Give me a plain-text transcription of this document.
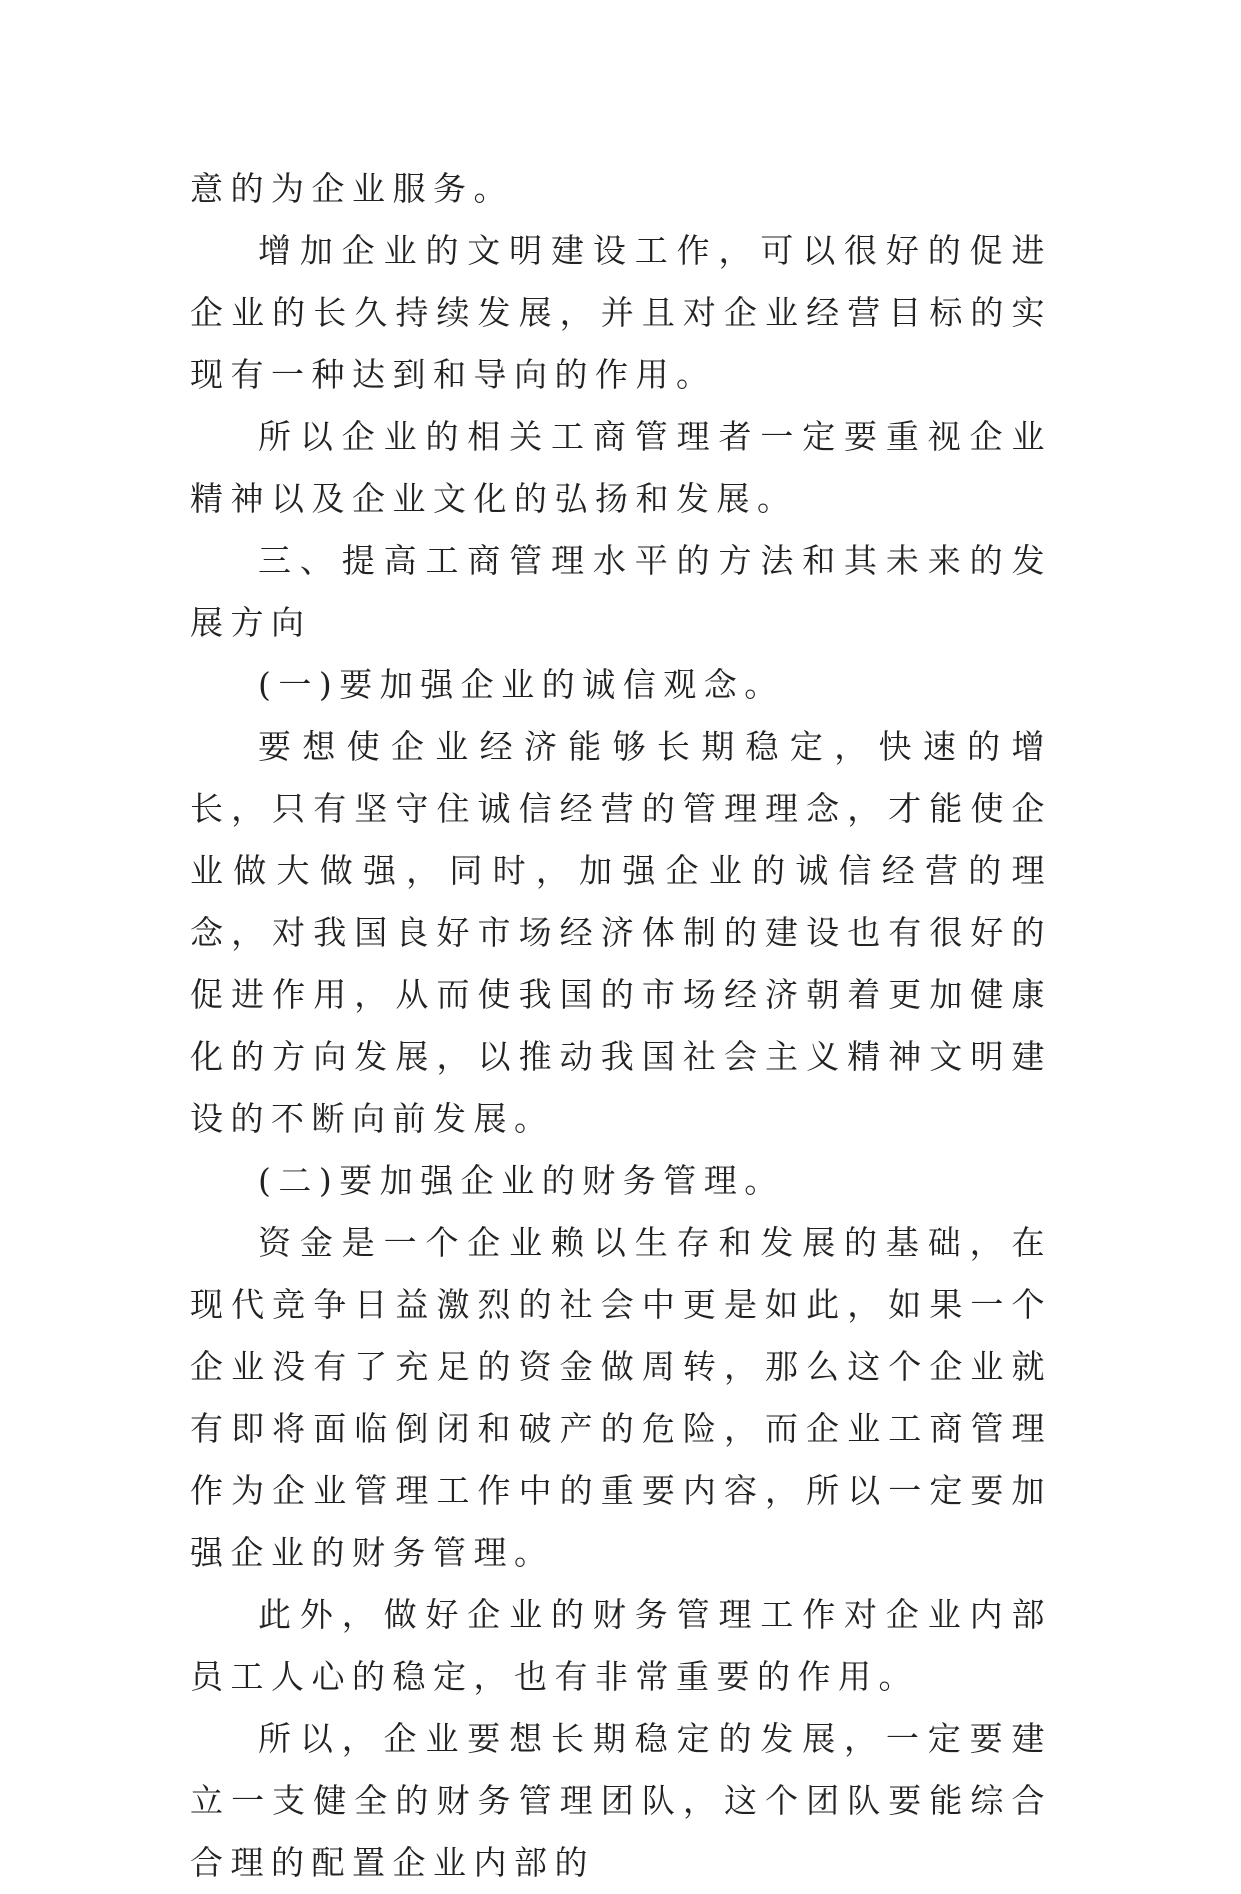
意的为企业服务。

增加企业的文明建设工作，可以很好的促进企业的长久持续发展，并且对企业经营目标的实现有一种达到和导向的作用。

所以企业的相关工商管理者一定要重视企业精神以及企业文化的弘扬和发展。

三、提高工商管理水平的方法和其未来的发展方向

(一)要加强企业的诚信观念。

要想使企业经济能够长期稳定，快速的增长，只有坚守住诚信经营的管理理念，才能使企业做大做强，同时，加强企业的诚信经营的理念，对我国良好市场经济体制的建设也有很好的促进作用，从而使我国的市场经济朝着更加健康化的方向发展，以推动我国社会主义精神文明建设的不断向前发展。

(二)要加强企业的财务管理。

资金是一个企业赖以生存和发展的基础，在现代竞争日益激烈的社会中更是如此，如果一个企业没有了充足的资金做周转，那么这个企业就有即将面临倒闭和破产的危险，而企业工商管理作为企业管理工作中的重要内容，所以一定要加强企业的财务管理。

此外，做好企业的财务管理工作对企业内部员工人心的稳定，也有非常重要的作用。

所以，企业要想长期稳定的发展，一定要建立一支健全的财务管理团队，这个团队要能综合合理的配置企业内部的
